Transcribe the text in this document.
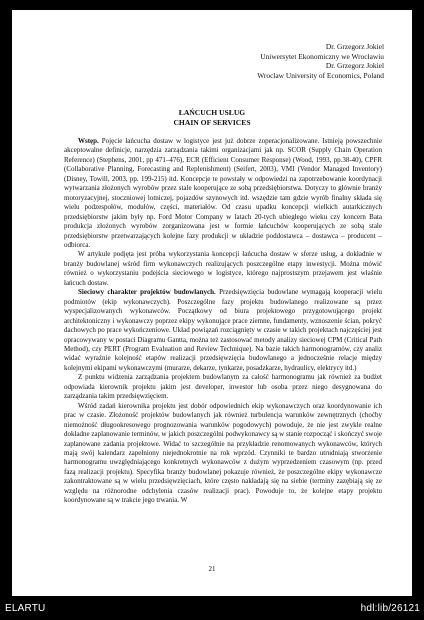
Dr. Grzegorz Jokiel
Uniwersytet Ekonomiczny we Wrocławiu
Dr. Grzegorz Jokiel
Wroclaw University of Economics, Poland
ŁAŃCUCH USŁUG
CHAIN OF SERVICES

Wstęp. Pojęcie łańcucha dostaw w logistyce jest już dobrze zoperacjonalizowane. Istnieją powszechnie akceptowalne definicje, narzędzia zarządzania takimi organizacjami jak np. SCOR (Supply Chain Operation Reference) (Stephens, 2001, pp 471–476), ECR (Efficient Consumer Response) (Wood, 1993, pp.38-40), CPFR (Collaborative Planning, Forecasting and Replenishment) (Seifert, 2003), VMI (Vendor Managed Inventory) (Disney, Towill, 2003, pp. 199-215) itd. Koncepcje te powstały w odpowiedzi na zapotrzebowanie koordynacji wytwarzania złożonych wyrobów przez stale kooperujące ze sobą przedsiębiorstwa. Dotyczy to głównie branży motoryzacyjnej, stoczniowej lotniczej, pojazdów szynowych itd. wszędzie tam gdzie wyrób finalny składa się wielu podzespołów, modułów, części, materiałów. Od czasu upadku koncepcji wielkich autarkicznych przedsiębiorstw jakim były np. Ford Motor Company w latach 20-tych ubiegłego wieku czy koncern Bata produkcja złożonych wyrobów zorganizowana jest w formie łańcuchów kooperujących ze sobą stale przedsiębiorstw przetwarzających kolejne fazy produkcji w układzie poddostawca – dostawca – producent – odbiorca.

W artykule podjęta jest próba wykorzystania koncepcji łańcucha dostaw w sferze usług, a dokładnie w branży budowlanej wśród firm wykonawczych realizujących poszczególne etapy inwestycji. Można mówić również o wykorzystaniu podejścia sieciowego w logistyce, którego najprostszym przejawem jest właśnie łańcuch dostaw.

Sieciowy charakter projektów budowlanych. Przedsięwzięcia budowlane wymagają kooperacji wielu podmiotów (ekip wykonawczych). Poszczególne fazy projektu budowlanego realizowane są przez wyspecjalizowanych wykonawców. Początkowy od biura projektowego przygotowującego projekt architektoniczny i wykonawczy poprzez ekipy wykonujące prace ziemne, fundamenty, wznoszenie ścian, pokryć dachowych po prace wykończeniowe. Układ powiązań rozciągnięty w czasie w takich projektach najczęściej jest opracowywany w postaci Diagramu Gantta, można też zastosować metody analizy sieciowej CPM (Critical Path Method), czy PERT (Program Evaluation and Review Technique). Na bazie takich harmonogramów, czy analiz widać wyraźnie kolejność etapów realizacji przedsięwzięcia budowlanego a jednocześnie relacje między kolejnymi ekipami wykonawczymi (murarze, dekarze, tynkarze, posadzkarze, hydraulicy, elektrycy itd.)

Z punktu widzenia zarządzania projektem budowlanym za całość harmonogramu jak również za budżet odpowiada kierownik projektu jakim jest developer, inwestor lub osoba przez niego desygnowana do zarządzania takim przedsięwzięciem.

Wśród zadań kierownika projektu jest dobór odpowiednich ekip wykonawczych oraz koordynowanie ich prac w czasie. Złożoność projektów budowlanych jak również turbulencja warunków zewnętrznych (choćby niemożność długookresowego prognozowania warunków pogodowych) powoduje, że nie jest zwykle realne dokładne zaplanowanie terminów, w jakich poszczególni podwykonawcy są w stanie rozpocząć i skończyć swoje zaplanowane zadania projektowe. Widać to szczególnie na przykładzie renomowanych wykonawców, których mają swój kalendarz zapełniony niejednokrotnie na rok wprzód. Czynniki te bardzo utrudniają stworzenie harmonogramu uwzględniającego konkretnych wykonawców z dużym wyprzedzeniem czasowym (np. przed fazą realizacji projektu). Specyfika branży budowlanej pokazuje również, że poszczególne ekipy wykonawcze zakontraktowane są w wielu przedsięwzięciach, które często nakładają się na siebie (terminy zazębiają się ze względu na różnorodne odchylenia czasów realizacji prac). Powoduje to, że kolejne etapy projektu koordynowane są w trakcie jego trwania. W

21
ELARTU	hdl:lib/26121
